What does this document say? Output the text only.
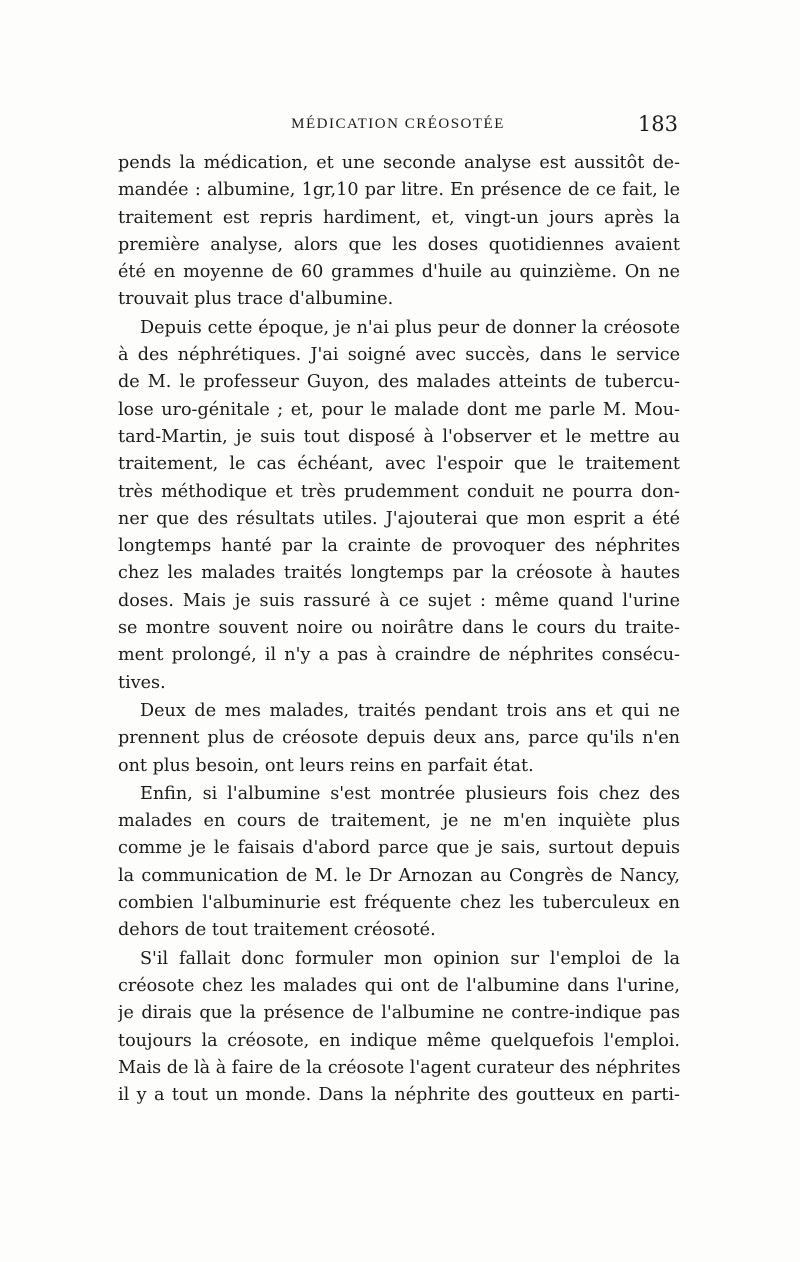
MÉDICATION CRÉOSOTÉE	183
pends la médication, et une seconde analyse est aussitôt de-
mandée : albumine, 1gr,10 par litre. En présence de ce fait, le
traitement est repris hardiment, et, vingt-un jours après la
première analyse, alors que les doses quotidiennes avaient
été en moyenne de 60 grammes d'huile au quinzième. On ne
trouvait plus trace d'albumine.
Depuis cette époque, je n'ai plus peur de donner la créosote
à des néphrétiques. J'ai soigné avec succès, dans le service
de M. le professeur Guyon, des malades atteints de tubercu-
lose uro-génitale ; et, pour le malade dont me parle M. Mou-
tard-Martin, je suis tout disposé à l'observer et le mettre au
traitement, le cas échéant, avec l'espoir que le traitement
très méthodique et très prudemment conduit ne pourra don-
ner que des résultats utiles. J'ajouterai que mon esprit a été
longtemps hanté par la crainte de provoquer des néphrites
chez les malades traités longtemps par la créosote à hautes
doses. Mais je suis rassuré à ce sujet : même quand l'urine
se montre souvent noire ou noirâtre dans le cours du traite-
ment prolongé, il n'y a pas à craindre de néphrites consécu-
tives.
Deux de mes malades, traités pendant trois ans et qui ne
prennent plus de créosote depuis deux ans, parce qu'ils n'en
ont plus besoin, ont leurs reins en parfait état.
Enfin, si l'albumine s'est montrée plusieurs fois chez des
malades en cours de traitement, je ne m'en inquiète plus
comme je le faisais d'abord parce que je sais, surtout depuis
la communication de M. le Dr Arnozan au Congrès de Nancy,
combien l'albuminurie est fréquente chez les tuberculeux en
dehors de tout traitement créosoté.
S'il fallait donc formuler mon opinion sur l'emploi de la
créosote chez les malades qui ont de l'albumine dans l'urine,
je dirais que la présence de l'albumine ne contre-indique pas
toujours la créosote, en indique même quelquefois l'emploi.
Mais de là à faire de la créosote l'agent curateur des néphrites
il y a tout un monde. Dans la néphrite des goutteux en parti-
